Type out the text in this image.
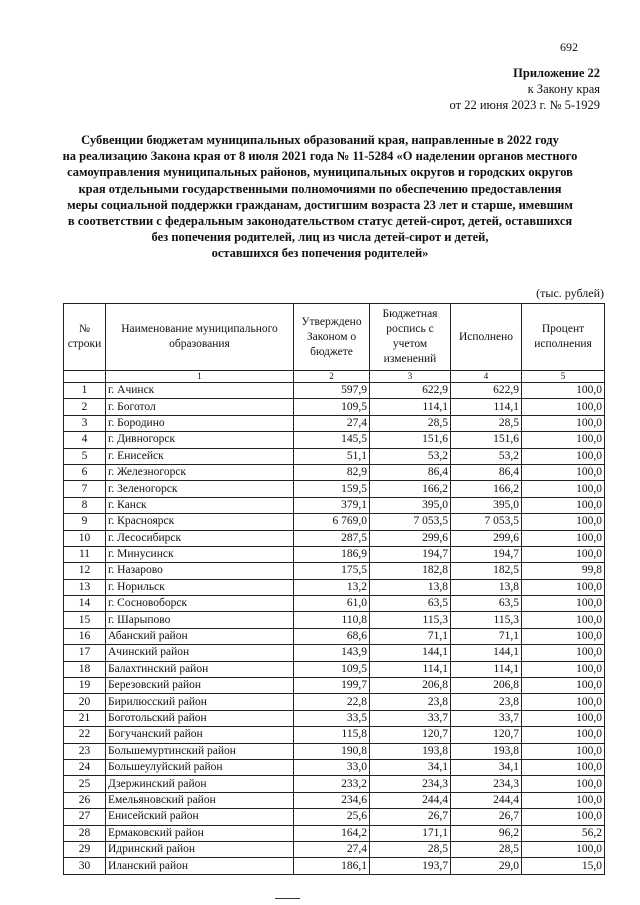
692
Приложение 22
к Закону края
от 22 июня 2023 г. № 5-1929
Субвенции бюджетам муниципальных образований края, направленные в 2022 году
на реализацию Закона края от 8 июля 2021 года № 11-5284 «О наделении органов местного
самоуправления муниципальных районов, муниципальных округов и городских округов
края отдельными государственными полномочиями по обеспечению предоставления
меры социальной поддержки гражданам, достигшим возраста 23 лет и старше, имевшим
в соответствии с федеральным законодательством статус детей-сирот, детей, оставшихся
без попечения родителей, лиц из числа детей-сирот и детей,
оставшихся без попечения родителей»
(тыс. рублей)
№ строки	Наименование муниципального образования	Утверждено Законом о бюджете	Бюджетная роспись с учетом изменений	Исполнено	Процент исполнения
	1	2	3	4	5
1	г. Ачинск	597,9	622,9	622,9	100,0
2	г. Боготол	109,5	114,1	114,1	100,0
3	г. Бородино	27,4	28,5	28,5	100,0
4	г. Дивногорск	145,5	151,6	151,6	100,0
5	г. Енисейск	51,1	53,2	53,2	100,0
6	г. Железногорск	82,9	86,4	86,4	100,0
7	г. Зеленогорск	159,5	166,2	166,2	100,0
8	г. Канск	379,1	395,0	395,0	100,0
9	г. Красноярск	6 769,0	7 053,5	7 053,5	100,0
10	г. Лесосибирск	287,5	299,6	299,6	100,0
11	г. Минусинск	186,9	194,7	194,7	100,0
12	г. Назарово	175,5	182,8	182,5	99,8
13	г. Норильск	13,2	13,8	13,8	100,0
14	г. Сосновоборск	61,0	63,5	63,5	100,0
15	г. Шарыпово	110,8	115,3	115,3	100,0
16	Абанский район	68,6	71,1	71,1	100,0
17	Ачинский район	143,9	144,1	144,1	100,0
18	Балахтинский район	109,5	114,1	114,1	100,0
19	Березовский район	199,7	206,8	206,8	100,0
20	Бирилюсский район	22,8	23,8	23,8	100,0
21	Боготольский район	33,5	33,7	33,7	100,0
22	Богучанский район	115,8	120,7	120,7	100,0
23	Большемуртинский район	190,8	193,8	193,8	100,0
24	Большеулуйский район	33,0	34,1	34,1	100,0
25	Дзержинский район	233,2	234,3	234,3	100,0
26	Емельяновский район	234,6	244,4	244,4	100,0
27	Енисейский район	25,6	26,7	26,7	100,0
28	Ермаковский район	164,2	171,1	96,2	56,2
29	Идринский район	27,4	28,5	28,5	100,0
30	Иланский район	186,1	193,7	29,0	15,0
